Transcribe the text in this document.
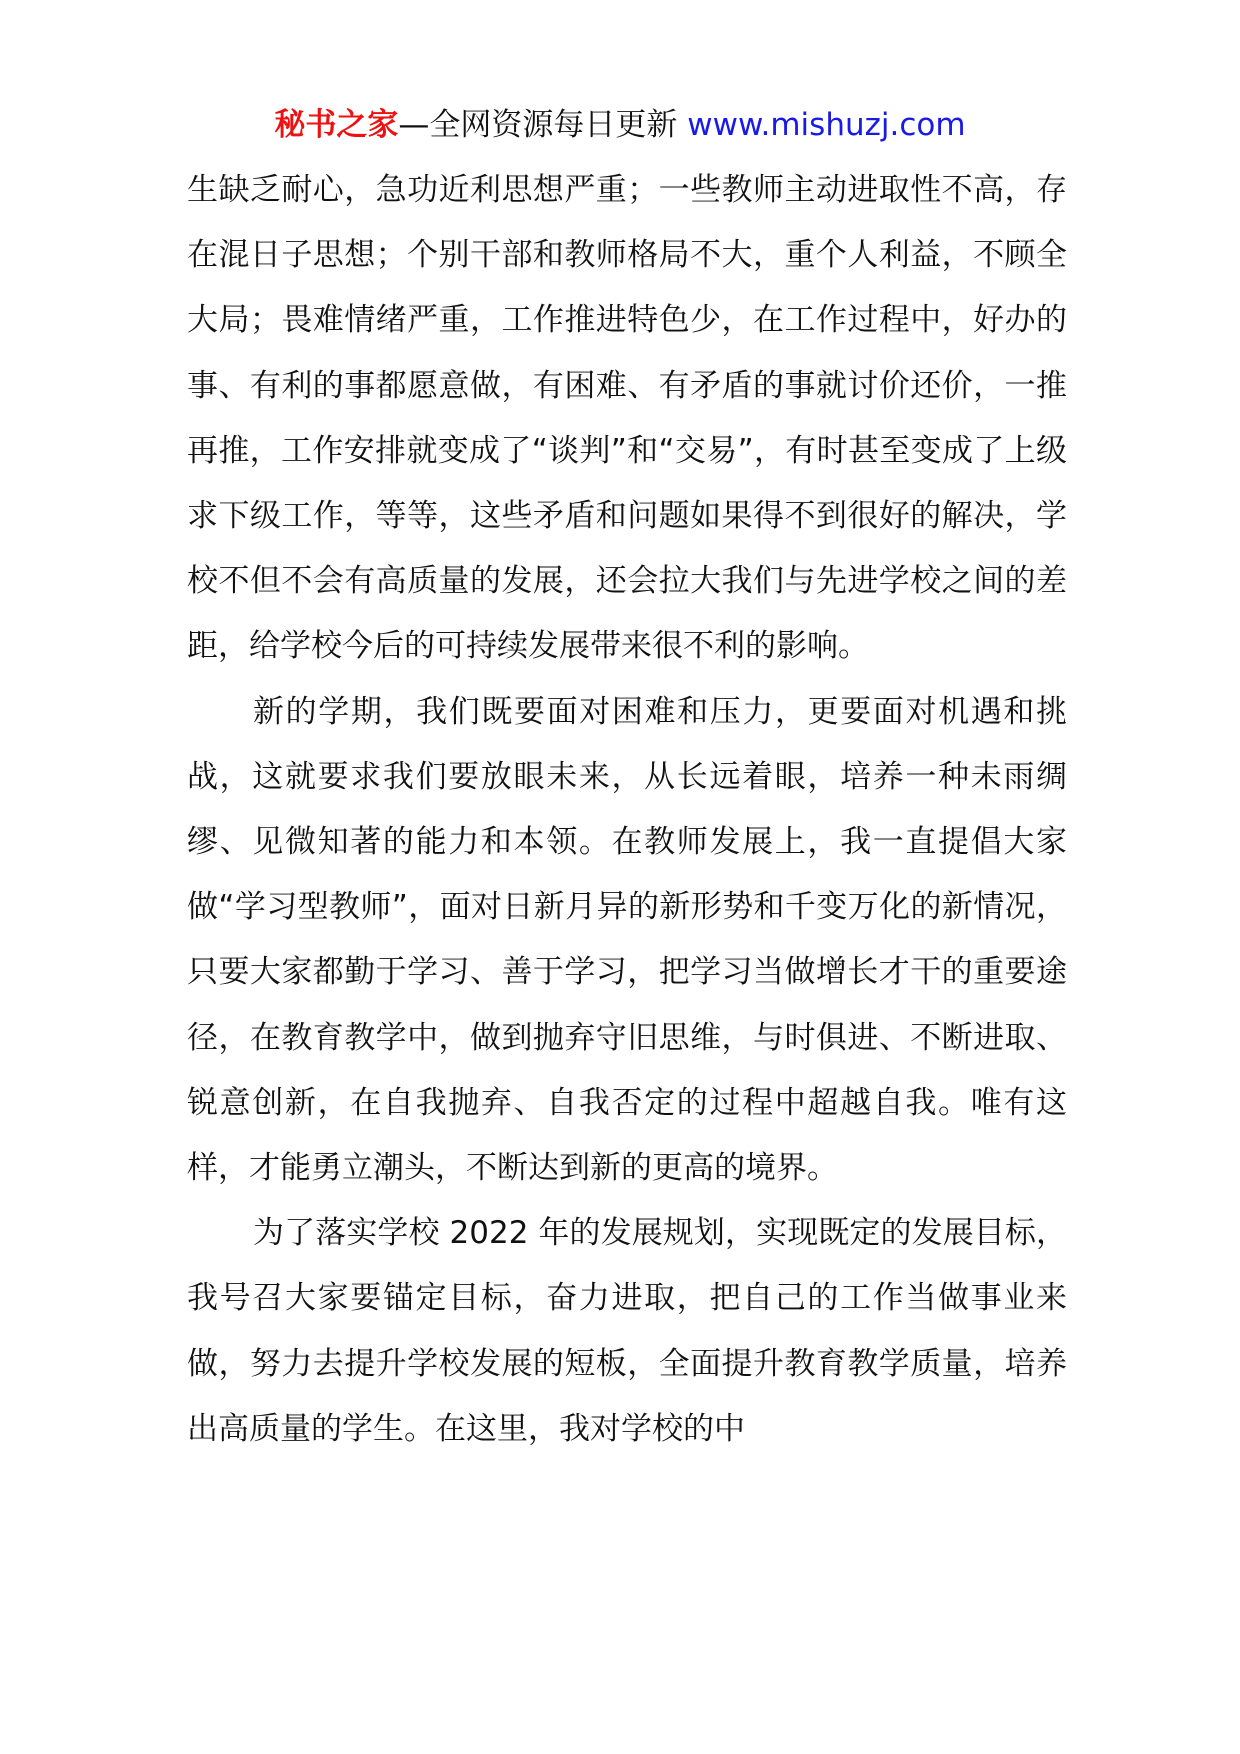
秘书之家—全网资源每日更新 www.mishuzj.com

生缺乏耐心，急功近利思想严重；一些教师主动进取性不高，存在混日子思想；个别干部和教师格局不大，重个人利益，不顾全大局；畏难情绪严重，工作推进特色少，在工作过程中，好办的事、有利的事都愿意做，有困难、有矛盾的事就讨价还价，一推再推，工作安排就变成了“谈判”和“交易”，有时甚至变成了上级求下级工作，等等，这些矛盾和问题如果得不到很好的解决，学校不但不会有高质量的发展，还会拉大我们与先进学校之间的差距，给学校今后的可持续发展带来很不利的影响。

新的学期，我们既要面对困难和压力，更要面对机遇和挑战，这就要求我们要放眼未来，从长远着眼，培养一种未雨绸缪、见微知著的能力和本领。在教师发展上，我一直提倡大家做“学习型教师”，面对日新月异的新形势和千变万化的新情况，只要大家都勤于学习、善于学习，把学习当做增长才干的重要途径，在教育教学中，做到抛弃守旧思维，与时俱进、不断进取、锐意创新，在自我抛弃、自我否定的过程中超越自我。唯有这样，才能勇立潮头，不断达到新的更高的境界。

为了落实学校 2022 年的发展规划，实现既定的发展目标，我号召大家要锚定目标，奋力进取，把自己的工作当做事业来做，努力去提升学校发展的短板，全面提升教育教学质量，培养出高质量的学生。在这里，我对学校的中
